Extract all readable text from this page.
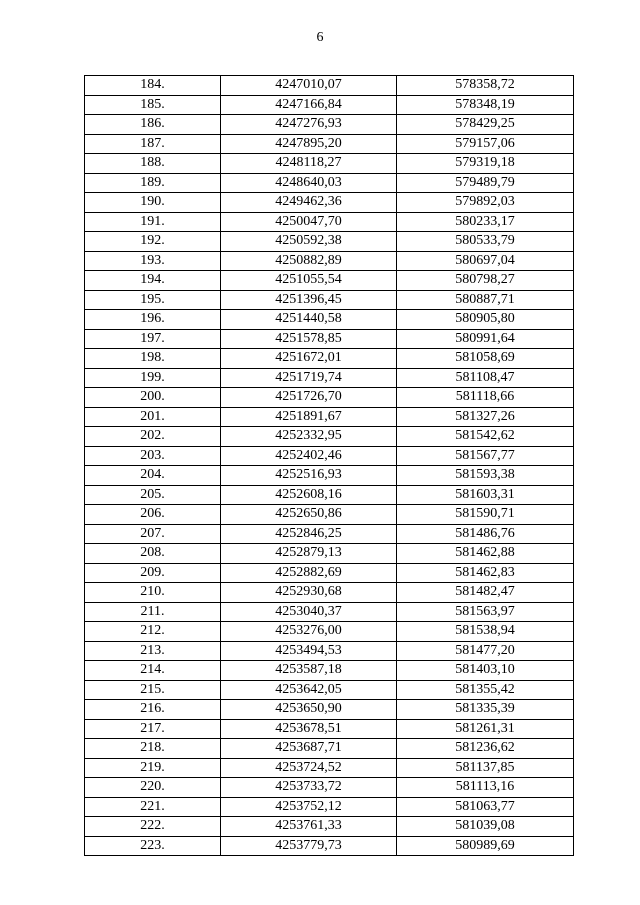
6
184.	4247010,07	578358,72
185.	4247166,84	578348,19
186.	4247276,93	578429,25
187.	4247895,20	579157,06
188.	4248118,27	579319,18
189.	4248640,03	579489,79
190.	4249462,36	579892,03
191.	4250047,70	580233,17
192.	4250592,38	580533,79
193.	4250882,89	580697,04
194.	4251055,54	580798,27
195.	4251396,45	580887,71
196.	4251440,58	580905,80
197.	4251578,85	580991,64
198.	4251672,01	581058,69
199.	4251719,74	581108,47
200.	4251726,70	581118,66
201.	4251891,67	581327,26
202.	4252332,95	581542,62
203.	4252402,46	581567,77
204.	4252516,93	581593,38
205.	4252608,16	581603,31
206.	4252650,86	581590,71
207.	4252846,25	581486,76
208.	4252879,13	581462,88
209.	4252882,69	581462,83
210.	4252930,68	581482,47
211.	4253040,37	581563,97
212.	4253276,00	581538,94
213.	4253494,53	581477,20
214.	4253587,18	581403,10
215.	4253642,05	581355,42
216.	4253650,90	581335,39
217.	4253678,51	581261,31
218.	4253687,71	581236,62
219.	4253724,52	581137,85
220.	4253733,72	581113,16
221.	4253752,12	581063,77
222.	4253761,33	581039,08
223.	4253779,73	580989,69
